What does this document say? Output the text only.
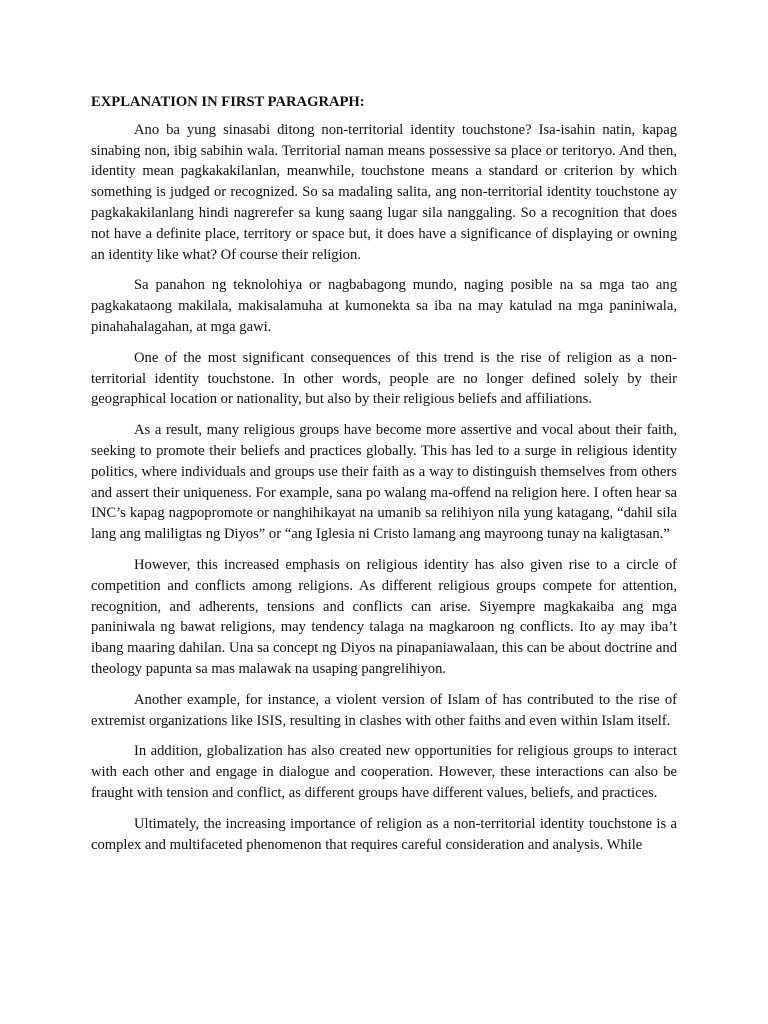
EXPLANATION IN FIRST PARAGRAPH:

Ano ba yung sinasabi ditong non-territorial identity touchstone? Isa-isahin natin, kapag sinabing non, ibig sabihin wala. Territorial naman means possessive sa place or teritoryo. And then, identity mean pagkakakilanlan, meanwhile, touchstone means a standard or criterion by which something is judged or recognized. So sa madaling salita, ang non-territorial identity touchstone ay pagkakakilanlang hindi nagrerefer sa kung saang lugar sila nanggaling. So a recognition that does not have a definite place, territory or space but, it does have a significance of displaying or owning an identity like what? Of course their religion.

Sa panahon ng teknolohiya or nagbabagong mundo, naging posible na sa mga tao ang pagkakataong makilala, makisalamuha at kumonekta sa iba na may katulad na mga paniniwala, pinahahalagahan, at mga gawi.

One of the most significant consequences of this trend is the rise of religion as a non-territorial identity touchstone. In other words, people are no longer defined solely by their geographical location or nationality, but also by their religious beliefs and affiliations.

As a result, many religious groups have become more assertive and vocal about their faith, seeking to promote their beliefs and practices globally. This has led to a surge in religious identity politics, where individuals and groups use their faith as a way to distinguish themselves from others and assert their uniqueness. For example, sana po walang ma-offend na religion here. I often hear sa INC’s kapag nagpopromote or nanghihikayat na umanib sa relihiyon nila yung katagang, “dahil sila lang ang maliligtas ng Diyos” or “ang Iglesia ni Cristo lamang ang mayroong tunay na kaligtasan.”

However, this increased emphasis on religious identity has also given rise to a circle of competition and conflicts among religions. As different religious groups compete for attention, recognition, and adherents, tensions and conflicts can arise. Siyempre magkakaiba ang mga paniniwala ng bawat religions, may tendency talaga na magkaroon ng conflicts. Ito ay may iba’t ibang maaring dahilan. Una sa concept ng Diyos na pinapaniawalaan, this can be about doctrine and theology papunta sa mas malawak na usaping pangrelihiyon.

Another example, for instance, a violent version of Islam of has contributed to the rise of extremist organizations like ISIS, resulting in clashes with other faiths and even within Islam itself.

In addition, globalization has also created new opportunities for religious groups to interact with each other and engage in dialogue and cooperation. However, these interactions can also be fraught with tension and conflict, as different groups have different values, beliefs, and practices.

Ultimately, the increasing importance of religion as a non-territorial identity touchstone is a complex and multifaceted phenomenon that requires careful consideration and analysis. While
